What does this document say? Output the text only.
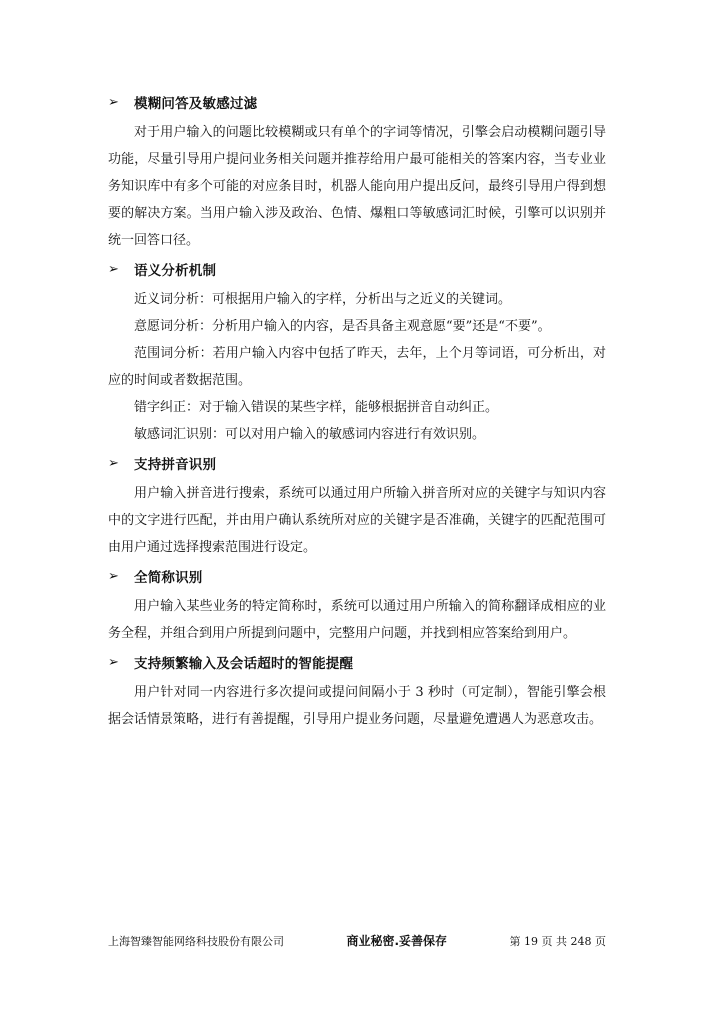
➢	模糊问答及敏感过滤

对于用户输入的问题比较模糊或只有单个的字词等情况，引擎会启动模糊问题引导功能，尽量引导用户提问业务相关问题并推荐给用户最可能相关的答案内容，当专业业务知识库中有多个可能的对应条目时，机器人能向用户提出反问，最终引导用户得到想要的解决方案。当用户输入涉及政治、色情、爆粗口等敏感词汇时候，引擎可以识别并统一回答口径。

➢	语义分析机制

近义词分析：可根据用户输入的字样，分析出与之近义的关键词。

意愿词分析：分析用户输入的内容，是否具备主观意愿“要”还是“不要”。

范围词分析：若用户输入内容中包括了昨天，去年，上个月等词语，可分析出，对应的时间或者数据范围。

错字纠正：对于输入错误的某些字样，能够根据拼音自动纠正。

敏感词汇识别：可以对用户输入的敏感词内容进行有效识别。

➢	支持拼音识别

用户输入拼音进行搜索，系统可以通过用户所输入拼音所对应的关键字与知识内容中的文字进行匹配，并由用户确认系统所对应的关键字是否准确，关键字的匹配范围可由用户通过选择搜索范围进行设定。

➢	全简称识别

用户输入某些业务的特定简称时，系统可以通过用户所输入的简称翻译成相应的业务全程，并组合到用户所提到问题中，完整用户问题，并找到相应答案给到用户。

➢	支持频繁输入及会话超时的智能提醒

用户针对同一内容进行多次提问或提问间隔小于 3 秒时（可定制），智能引擎会根据会话情景策略，进行有善提醒，引导用户提业务问题，尽量避免遭遇人为恶意攻击。

上海智臻智能网络科技股份有限公司	商业秘密.妥善保存	第 19 页 共 248 页
